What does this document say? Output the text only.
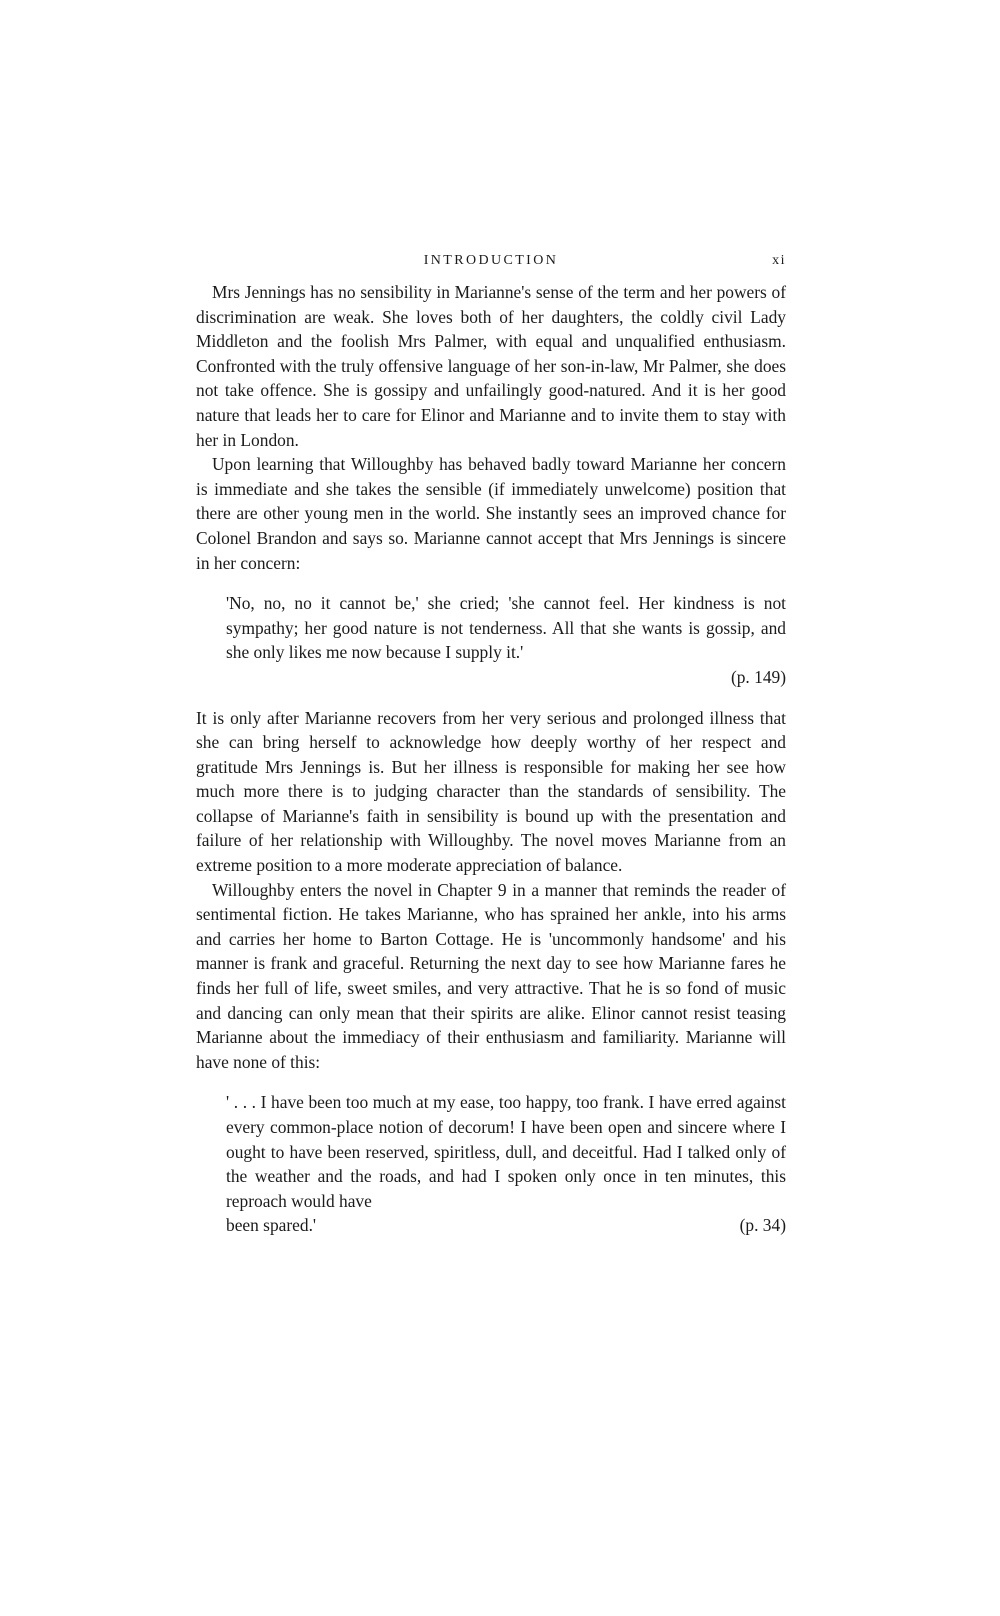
INTRODUCTION	xi

Mrs Jennings has no sensibility in Marianne's sense of the term and her powers of discrimination are weak. She loves both of her daughters, the coldly civil Lady Middleton and the foolish Mrs Palmer, with equal and unqualified enthusiasm. Confronted with the truly offensive language of her son-in-law, Mr Palmer, she does not take offence. She is gossipy and unfailingly good-natured. And it is her good nature that leads her to care for Elinor and Marianne and to invite them to stay with her in London.

Upon learning that Willoughby has behaved badly toward Marianne her concern is immediate and she takes the sensible (if immediately unwelcome) position that there are other young men in the world. She instantly sees an improved chance for Colonel Brandon and says so. Marianne cannot accept that Mrs Jennings is sincere in her concern:

'No, no, no it cannot be,' she cried; 'she cannot feel. Her kindness is not sympathy; her good nature is not tenderness. All that she wants is gossip, and she only likes me now because I supply it.'

(p. 149)

It is only after Marianne recovers from her very serious and prolonged illness that she can bring herself to acknowledge how deeply worthy of her respect and gratitude Mrs Jennings is. But her illness is responsible for making her see how much more there is to judging character than the standards of sensibility. The collapse of Marianne's faith in sensibility is bound up with the presentation and failure of her relationship with Willoughby. The novel moves Marianne from an extreme position to a more moderate appreciation of balance.

Willoughby enters the novel in Chapter 9 in a manner that reminds the reader of sentimental fiction. He takes Marianne, who has sprained her ankle, into his arms and carries her home to Barton Cottage. He is 'uncommonly handsome' and his manner is frank and graceful. Returning the next day to see how Marianne fares he finds her full of life, sweet smiles, and very attractive. That he is so fond of music and dancing can only mean that their spirits are alike. Elinor cannot resist teasing Marianne about the immediacy of their enthusiasm and familiarity. Marianne will have none of this:

' . . . I have been too much at my ease, too happy, too frank. I have erred against every common-place notion of decorum! I have been open and sincere where I ought to have been reserved, spiritless, dull, and deceitful. Had I talked only of the weather and the roads, and had I spoken only once in ten minutes, this reproach would have

been spared.'	(p. 34)
